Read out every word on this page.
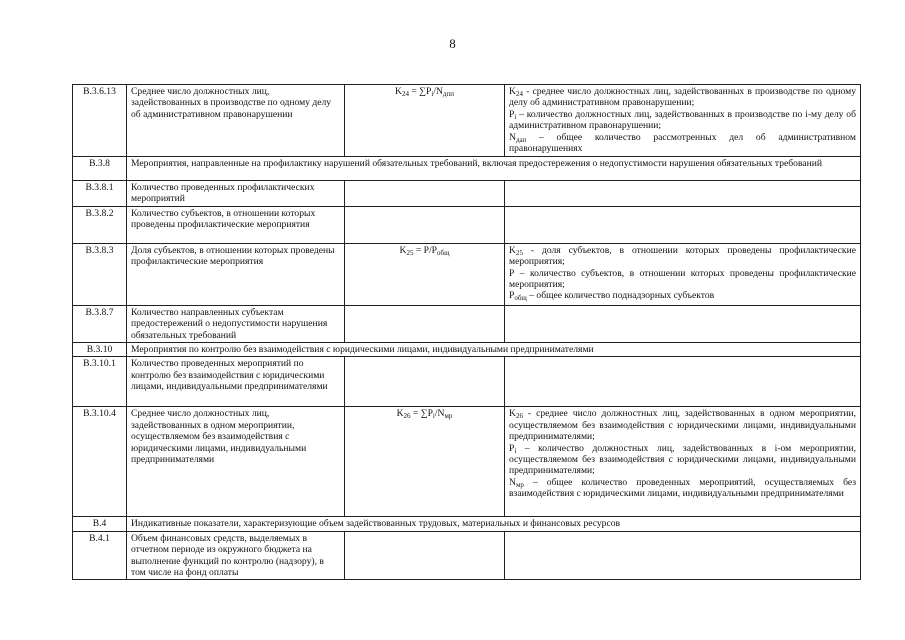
8
В.3.6.13	Среднее число должностных лиц, задействованных в производстве по одному делу об административном правонарушении	$K_{24} = \sum P_i/N_{дпп}$	$K_{24}$ - среднее число должностных лиц, задействованных в производстве по одному делу об административном правонарушении;
$P_i$ – количество должностных лиц, задействованных в производстве по i-му делу об административном правонарушении;
$N_{дап}$ – общее количество рассмотренных дел об административном правонарушениях

В.3.8	Мероприятия, направленные на профилактику нарушений обязательных требований, включая предостережения о недопустимости нарушения обязательных требований		
В.3.8.1	Количество проведенных профилактических мероприятий		
В.3.8.2	Количество субъектов, в отношении которых проведены профилактические мероприятия		
В.3.8.3	Доля субъектов, в отношении которых проведены профилактические мероприятия	$K_{25} = P/P_{общ}$	$K_{25}$ - доля субъектов, в отношении которых проведены профилактические мероприятия;
P – количество субъектов, в отношении которых проведены профилактические мероприятия;
$P_{общ}$ – общее количество поднадзорных субъектов

В.3.8.7	Количество направленных субъектам предостережений о недопустимости нарушения обязательных требований		
В.3.10	Мероприятия по контролю без взаимодействия с юридическими лицами, индивидуальными предпринимателями		
В.3.10.1	Количество проведенных мероприятий по контролю без взаимодействия с юридическими лицами, индивидуальными предпринимателями		
В.3.10.4	Среднее число должностных лиц, задействованных в одном мероприятии, осуществляемом без взаимодействия с юридическими лицами, индивидуальными предпринимателями	$K_{26} = \sum P_i/N_{мр}$	$K_{26}$ - среднее число должностных лиц, задействованных в одном мероприятии, осуществляемом без взаимодействия с юридическими лицами, индивидуальными предпринимателями;
$P_i$ – количество должностных лиц, задействованных в i-ом мероприятии, осуществляемом без взаимодействия с юридическими лицами, индивидуальными предпринимателями;
$N_{мр}$ – общее количество проведенных мероприятий, осуществляемых без взаимодействия с юридическими лицами, индивидуальными предпринимателями

В.4	Индикативные показатели, характеризующие объем задействованных трудовых, материальных и финансовых ресурсов		
В.4.1	Объем финансовых средств, выделяемых в отчетном периоде из окружного бюджета на выполнение функций по контролю (надзору), в том числе на фонд оплаты		
